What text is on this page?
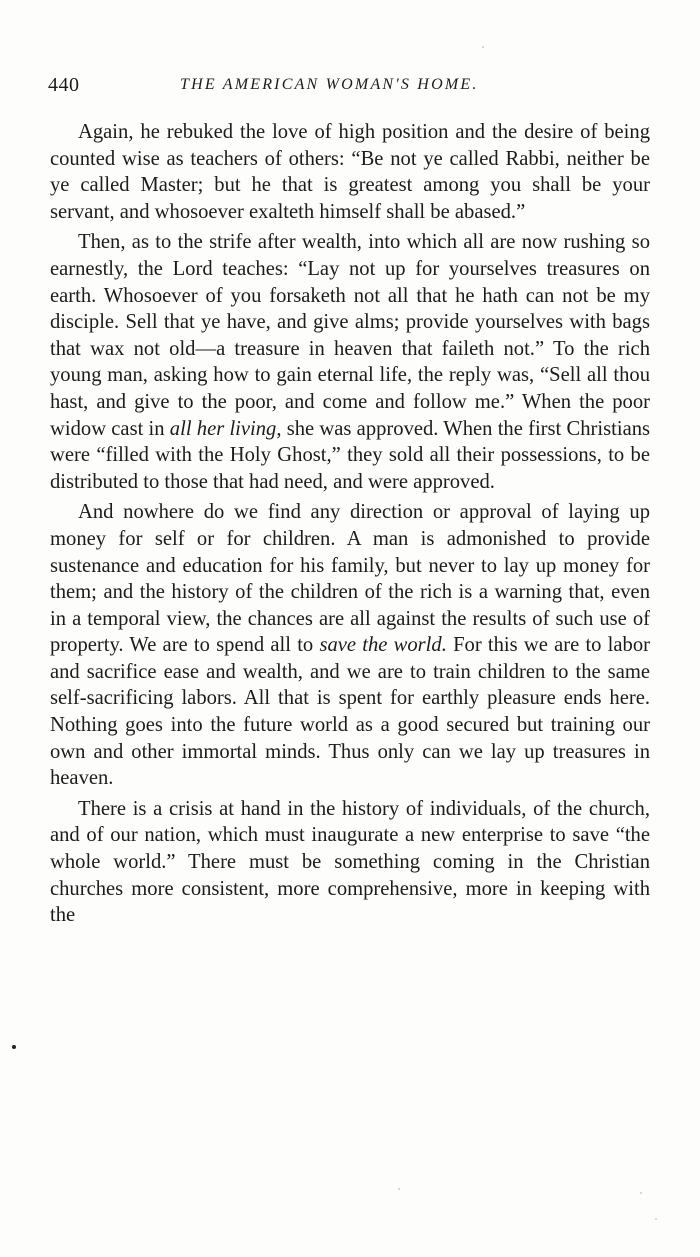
440	THE AMERICAN WOMAN'S HOME.

Again, he rebuked the love of high position and the desire of being counted wise as teachers of others: “Be not ye called Rabbi, neither be ye called Master; but he that is greatest among you shall be your servant, and whosoever exalteth himself shall be abased.”

Then, as to the strife after wealth, into which all are now rushing so earnestly, the Lord teaches: “Lay not up for yourselves treasures on earth. Whosoever of you forsaketh not all that he hath can not be my disciple. Sell that ye have, and give alms; provide yourselves with bags that wax not old—a treasure in heaven that faileth not.” To the rich young man, asking how to gain eternal life, the reply was, “Sell all thou hast, and give to the poor, and come and follow me.” When the poor widow cast in all her living, she was approved. When the first Christians were “filled with the Holy Ghost,” they sold all their possessions, to be distributed to those that had need, and were approved.

And nowhere do we find any direction or approval of laying up money for self or for children. A man is admonished to provide sustenance and education for his family, but never to lay up money for them; and the history of the children of the rich is a warning that, even in a temporal view, the chances are all against the results of such use of property. We are to spend all to save the world. For this we are to labor and sacrifice ease and wealth, and we are to train children to the same self-sacrificing labors. All that is spent for earthly pleasure ends here. Nothing goes into the future world as a good secured but training our own and other immortal minds. Thus only can we lay up treasures in heaven.

There is a crisis at hand in the history of individuals, of the church, and of our nation, which must inaugurate a new enterprise to save “the whole world.” There must be something coming in the Christian churches more consistent, more comprehensive, more in keeping with the
